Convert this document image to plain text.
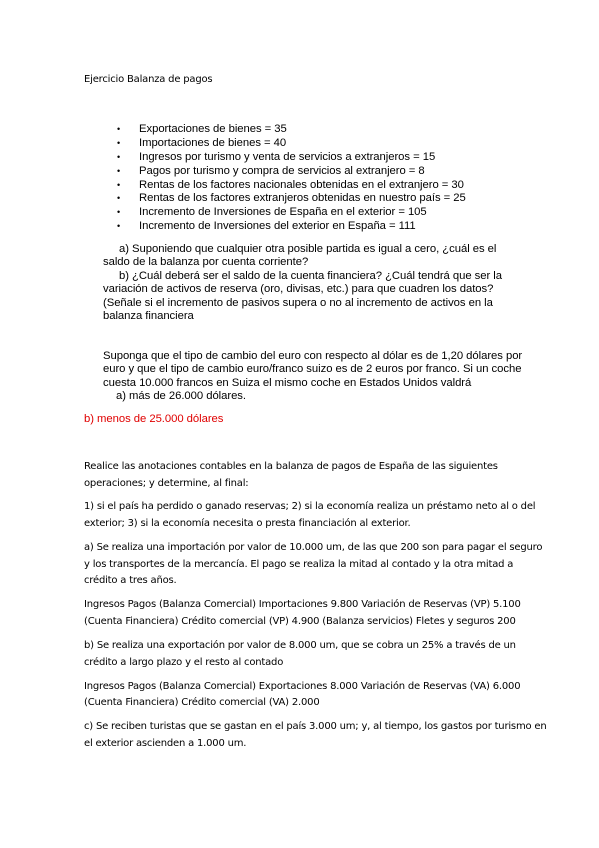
Ejercicio Balanza de pagos

• Exportaciones de bienes = 35
• Importaciones de bienes = 40
• Ingresos por turismo y venta de servicios a extranjeros = 15
• Pagos por turismo y compra de servicios al extranjero = 8
• Rentas de los factores nacionales obtenidas en el extranjero = 30
• Rentas de los factores extranjeros obtenidas en nuestro país = 25
• Incremento de Inversiones de España en el exterior = 105
• Incremento de Inversiones del exterior en España = 111

a) Suponiendo que cualquier otra posible partida es igual a cero, ¿cuál es el

saldo de la balanza por cuenta corriente?

b) ¿Cuál deberá ser el saldo de la cuenta financiera? ¿Cuál tendrá que ser la

variación de activos de reserva (oro, divisas, etc.) para que cuadren los datos?

(Señale si el incremento de pasivos supera o no al incremento de activos en la

balanza financiera

Suponga que el tipo de cambio del euro con respecto al dólar es de 1,20 dólares por

euro y que el tipo de cambio euro/franco suizo es de 2 euros por franco. Si un coche

cuesta 10.000 francos en Suiza el mismo coche en Estados Unidos valdrá

a) más de 26.000 dólares.

b) menos de 25.000 dólares

Realice las anotaciones contables en la balanza de pagos de España de las siguientes

operaciones; y determine, al final:

1) si el país ha perdido o ganado reservas; 2) si la economía realiza un préstamo neto al o del

exterior; 3) si la economía necesita o presta financiación al exterior.

a) Se realiza una importación por valor de 10.000 um, de las que 200 son para pagar el seguro

y los transportes de la mercancía. El pago se realiza la mitad al contado y la otra mitad a

crédito a tres años.

Ingresos Pagos (Balanza Comercial) Importaciones 9.800 Variación de Reservas (VP) 5.100

(Cuenta Financiera) Crédito comercial (VP) 4.900 (Balanza servicios) Fletes y seguros 200

b) Se realiza una exportación por valor de 8.000 um, que se cobra un 25% a través de un

crédito a largo plazo y el resto al contado

Ingresos Pagos (Balanza Comercial) Exportaciones 8.000 Variación de Reservas (VA) 6.000

(Cuenta Financiera) Crédito comercial (VA) 2.000

c) Se reciben turistas que se gastan en el país 3.000 um; y, al tiempo, los gastos por turismo en

el exterior ascienden a 1.000 um.
